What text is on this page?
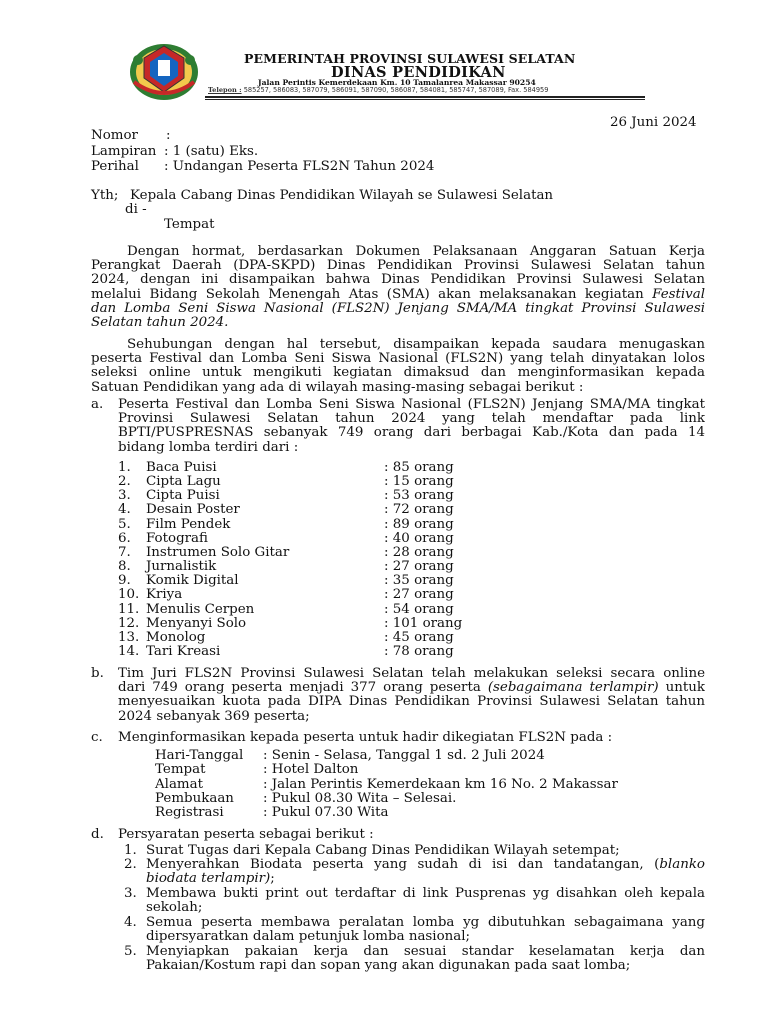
PEMERINTAH PROVINSI SULAWESI SELATAN
DINAS PENDIDIKAN
Jalan Perintis Kemerdekaan Km. 10 Tamalanrea Makassar 90254
Telepon : 585257, 586083, 587079, 586091, 587090, 586087, 584081, 585747, 587089, Fax. 584959
26 Juni 2024
Nomor :
Lampiran : 1 (satu) Eks.
Perihal : Undangan Peserta FLS2N Tahun 2024
Yth; Kepala Cabang Dinas Pendidikan Wilayah se Sulawesi Selatan
di -
Tempat
Dengan hormat, berdasarkan Dokumen Pelaksanaan Anggaran Satuan Kerja
Perangkat Daerah (DPA-SKPD) Dinas Pendidikan Provinsi Sulawesi Selatan tahun
2024, dengan ini disampaikan bahwa Dinas Pendidikan Provinsi Sulawesi Selatan
melalui Bidang Sekolah Menengah Atas (SMA) akan melaksanakan kegiatan Festival
dan Lomba Seni Siswa Nasional (FLS2N) Jenjang SMA/MA tingkat Provinsi Sulawesi
Selatan tahun 2024.
Sehubungan dengan hal tersebut, disampaikan kepada saudara menugaskan
peserta Festival dan Lomba Seni Siswa Nasional (FLS2N) yang telah dinyatakan lolos
seleksi online untuk mengikuti kegiatan dimaksud dan menginformasikan kepada
Satuan Pendidikan yang ada di wilayah masing-masing sebagai berikut :
a. Peserta Festival dan Lomba Seni Siswa Nasional (FLS2N) Jenjang SMA/MA tingkat
Provinsi Sulawesi Selatan tahun 2024 yang telah mendaftar pada link
BPTI/PUSPRESNAS sebanyak 749 orang dari berbagai Kab./Kota dan pada 14
bidang lomba terdiri dari :
1. Baca Puisi	: 85 orang
2. Cipta Lagu	: 15 orang
3. Cipta Puisi	: 53 orang
4. Desain Poster	: 72 orang
5. Film Pendek	: 89 orang
6. Fotografi	: 40 orang
7. Instrumen Solo Gitar	: 28 orang
8. Jurnalistik	: 27 orang
9. Komik Digital	: 35 orang
10. Kriya	: 27 orang
11. Menulis Cerpen	: 54 orang
12. Menyanyi Solo	: 101 orang
13. Monolog	: 45 orang
14. Tari Kreasi	: 78 orang
b. Tim Juri FLS2N Provinsi Sulawesi Selatan telah melakukan seleksi secara online
dari 749 orang peserta menjadi 377 orang peserta (sebagaimana terlampir) untuk
menyesuaikan kuota pada DIPA Dinas Pendidikan Provinsi Sulawesi Selatan tahun
2024 sebanyak 369 peserta;
c. Menginformasikan kepada peserta untuk hadir dikegiatan FLS2N pada :
Hari-Tanggal : Senin - Selasa, Tanggal 1 sd. 2 Juli 2024
Tempat	: Hotel Dalton
Alamat	: Jalan Perintis Kemerdekaan km 16 No. 2 Makassar
Pembukaan : Pukul 08.30 Wita – Selesai.
Registrasi	: Pukul 07.30 Wita
d. Persyaratan peserta sebagai berikut :
1. Surat Tugas dari Kepala Cabang Dinas Pendidikan Wilayah setempat;
2. Menyerahkan Biodata peserta yang sudah di isi dan tandatangan, (blanko
biodata terlampir);
3. Membawa bukti print out terdaftar di link Pusprenas yg disahkan oleh kepala
sekolah;
4. Semua peserta membawa peralatan lomba yg dibutuhkan sebagaimana yang
dipersyaratkan dalam petunjuk lomba nasional;
5. Menyiapkan pakaian kerja dan sesuai standar keselamatan kerja dan
Pakaian/Kostum rapi dan sopan yang akan digunakan pada saat lomba;
